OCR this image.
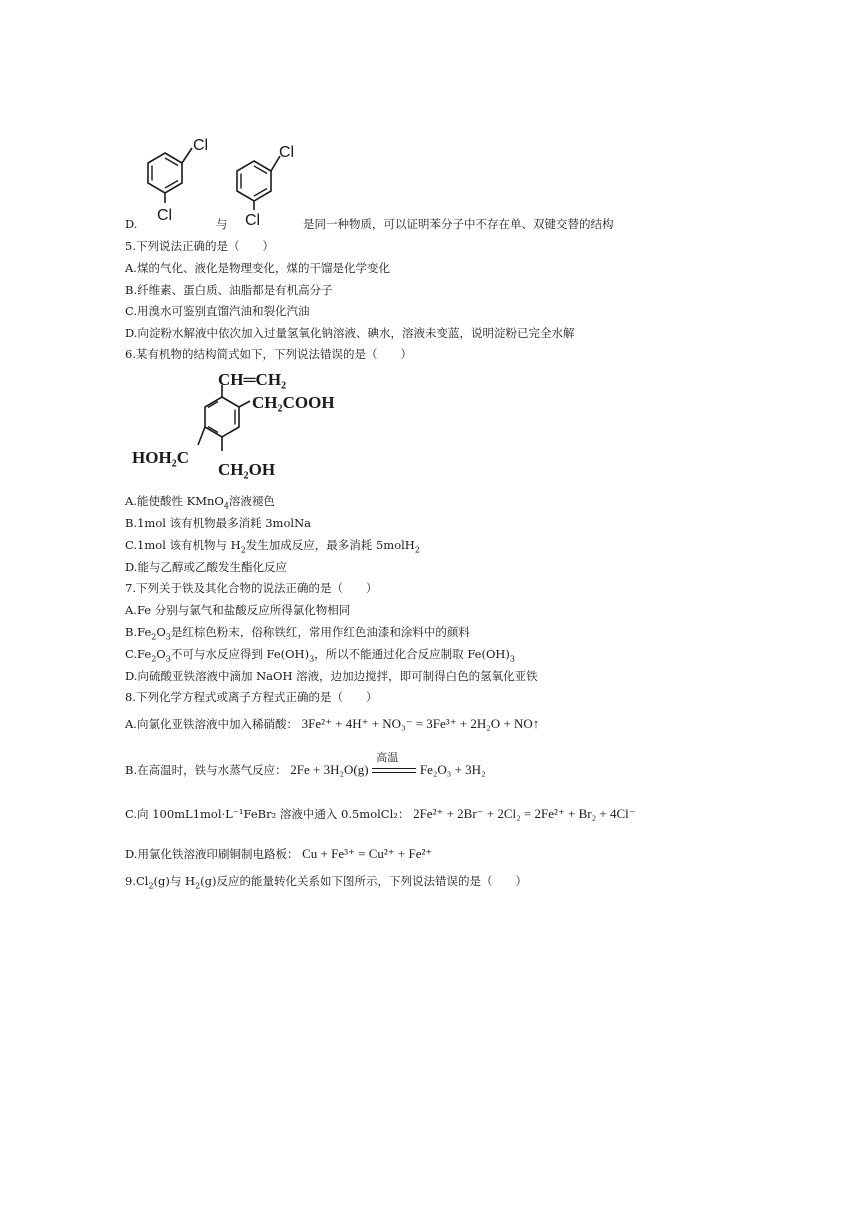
Cl
Cl
Cl
Cl
D.	与	是同一种物质，可以证明苯分子中不存在单、双键交替的结构
5.下列说法正确的是（　　）
A.煤的气化、液化是物理变化，煤的干馏是化学变化
B.纤维素、蛋白质、油脂都是有机高分子
C.用溴水可鉴别直馏汽油和裂化汽油
D.向淀粉水解液中依次加入过量氢氧化钠溶液、碘水，溶液未变蓝，说明淀粉已完全水解
6.某有机物的结构简式如下，下列说法错误的是（　　）
CH═CH₂
CH₂COOH
HOH₂C
CH₂OH
A.能使酸性 KMnO$_4$溶液褪色
B.1mol 该有机物最多消耗 3molNa
C.1mol 该有机物与 $H_2$发生加成反应，最多消耗 5molH$_2$
D.能与乙醇或乙酸发生酯化反应
7.下列关于铁及其化合物的说法正确的是（　　）
A.Fe 分别与氯气和盐酸反应所得氯化物相同
$B.Fe_2O_3$是红棕色粉末，俗称铁红，常用作红色油漆和涂料中的颜料
$C.Fe_2O_3$不可与水反应得到 $Fe(OH)_3$，所以不能通过化合反应制取 $Fe(OH)_3$
D.向硫酸亚铁溶液中滴加 NaOH 溶液，边加边搅拌，即可制得白色的氢氧化亚铁
8.下列化学方程式或离子方程式正确的是（　　）
A.向氯化亚铁溶液中加入稀硝酸： 3Fe²⁺ + 4H⁺ + NO₃⁻ = 3Fe³⁺ + 2H₂O + NO↑
B.在高温时，铁与水蒸气反应： 2Fe + 3H₂O(g)
高温
Fe₂O₃ + 3H₂
C.向 100mL1mol·L⁻¹FeBr₂ 溶液中通入 0.5molCl₂： 2Fe²⁺ + 2Br⁻ + 2Cl₂ = 2Fe²⁺ + Br₂ + 4Cl⁻
D.用氯化铁溶液印刷铜制电路板： Cu + Fe³⁺ = Cu²⁺ + Fe²⁺
$9.Cl_2(g)$与 $H_2(g)$反应的能量转化关系如下图所示，下列说法错误的是（　　）
